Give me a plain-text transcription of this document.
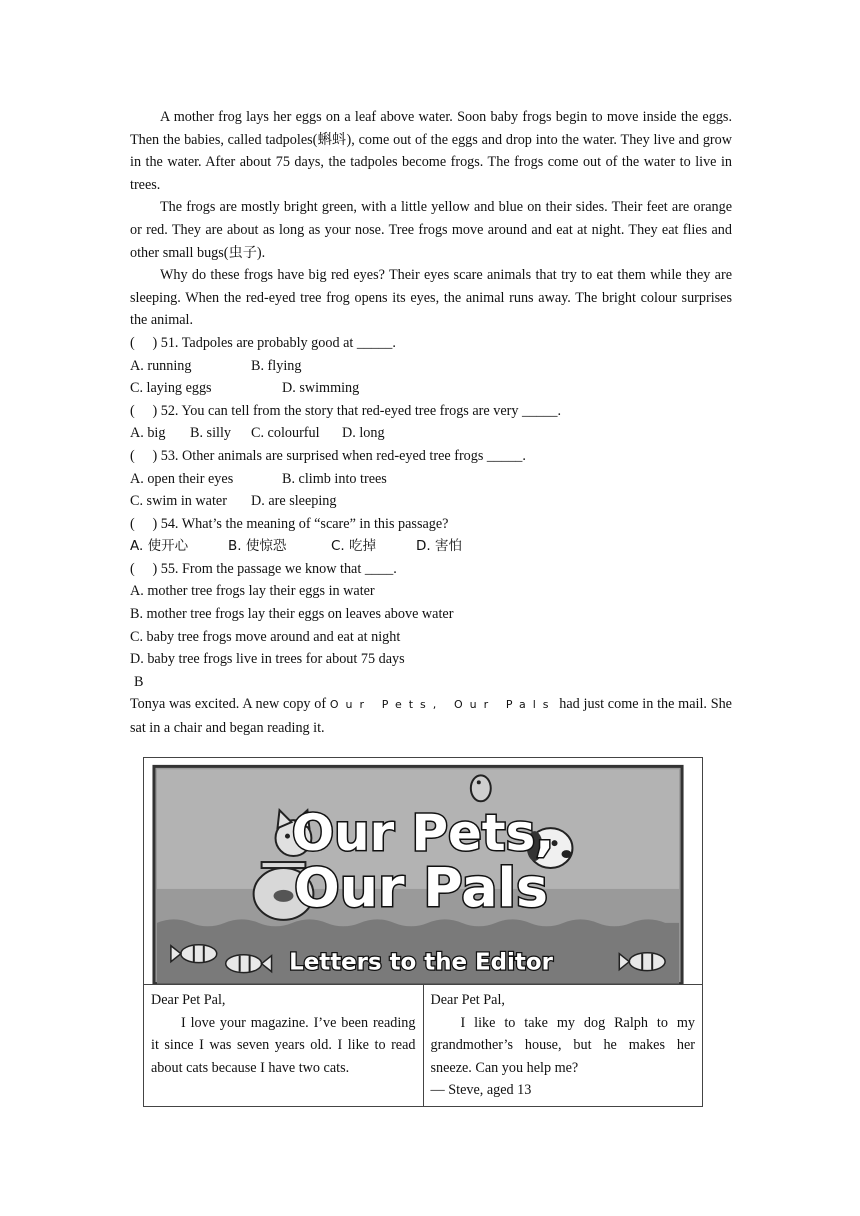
A mother frog lays her eggs on a leaf above water. Soon baby frogs begin to move inside the eggs. Then the babies, called tadpoles(蝌蚪), come out of the eggs and drop into the water. They live and grow in the water. After about 75 days, the tadpoles become frogs. The frogs come out of the water to live in trees.

The frogs are mostly bright green, with a little yellow and blue on their sides. Their feet are orange or red. They are about as long as your nose. Tree frogs move around and eat at night. They eat flies and other small bugs(虫子).

Why do these frogs have big red eyes? Their eyes scare animals that try to eat them while they are sleeping. When the red-eyed tree frog opens its eyes, the animal runs away. The bright colour surprises the animal.

(     ) 51. Tadpoles are probably good at _____.
A. running	B. flying
C. laying eggs	D. swimming
(     ) 52. You can tell from the story that red-eyed tree frogs are very _____.
A. big	B. silly	C. colourful	D. long
(     ) 53. Other animals are surprised when red-eyed tree frogs _____.
A. open their eyes	B. climb into trees
C. swim in water	D. are sleeping
(     ) 54. What’s the meaning of “scare” in this passage?
A. 使开心	B. 使惊恐	C. 吃掉	D. 害怕
(     ) 55. From the passage we know that ____.
A. mother tree frogs lay their eggs in water
B. mother tree frogs lay their eggs on leaves above water
C. baby tree frogs move around and eat at night
D. baby tree frogs live in trees for about 75 days
B

Tonya was excited. A new copy of Our Pets, Our Pals had just come in the mail. She sat in a chair and began reading it.

Our Pets,
Our Pals
Letters to the Editor

Dear Pet Pal,

I love your magazine. I’ve been reading it since I was seven years old. I like to read about cats because I have two cats.

Dear Pet Pal,

I like to take my dog Ralph to my grandmother’s house, but he makes her sneeze. Can you help me?

— Steve, aged 13
